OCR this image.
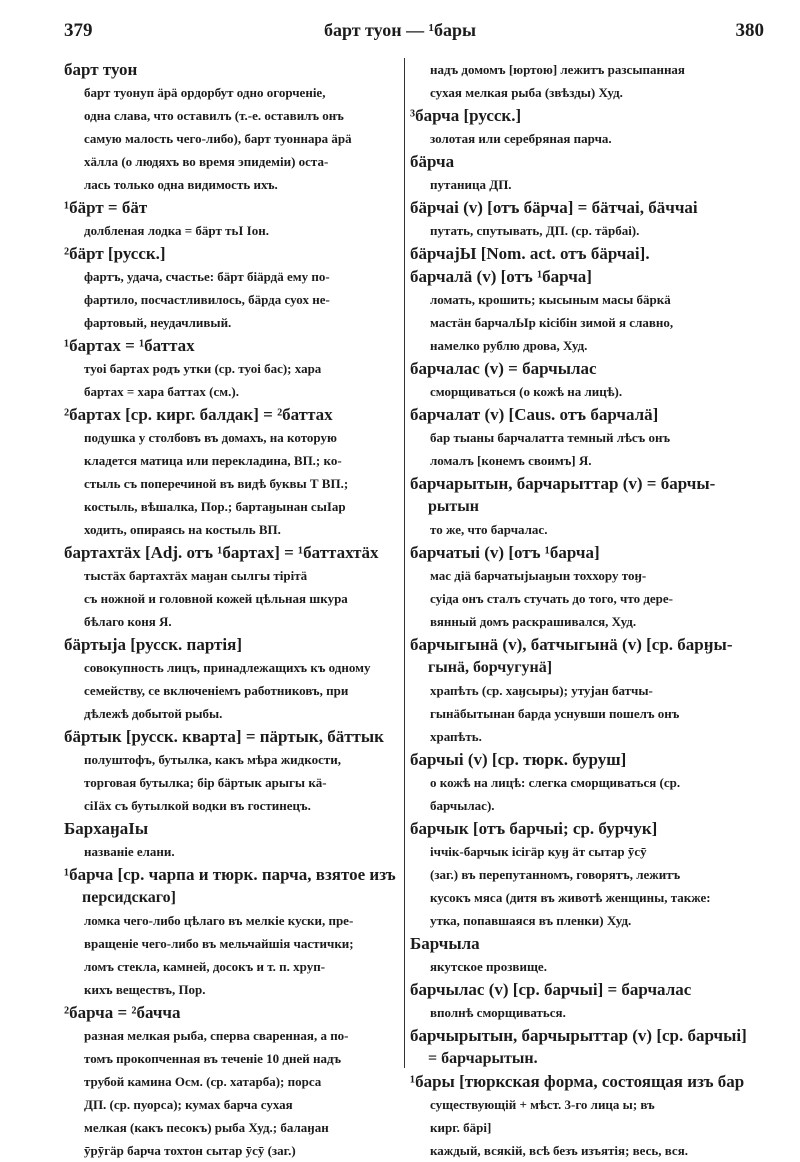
379	барт туон — ¹бары	380
барт туон
барт туонуп ӓрӓ ордорбут одно огорченіе,
одна слава, что оставилъ (т.-е. оставилъ онъ
самую малость чего-либо), барт туоннара ӓрӓ
хӓлла (о людяхъ во время эпидеміи) оста-
лась только одна видимость ихъ.
¹бӓрт = бӓт
долбленая лодка = бӓрт тьӀ Іон.
²бӓрт [русск.]
фартъ, удача, счастье: бӓрт біӓрдӓ ему по-
фартило, посчастливилось, бӓрда суох не-
фартовый, неудачливый.
¹бартах = ¹баттах
туоі бартах родъ утки (ср. туоі бас); хара
бартах = хара баттах (см.).
²бартах [ср. кирг. балдак] = ²баттах
подушка у столбовъ въ домахъ, на которую
кладется матица или перекладина, ВП.; ко-
стыль съ поперечиной въ видѣ буквы Т ВП.;
костыль, вѣшалка, Пор.; бартаӈынан сыӀар
ходить, опираясь на костыль ВП.
бартахтӓх [Adj. отъ ¹бартах] = ¹баттахтӓх
тыстӓх бартахтӓх маӈан сылгы тірітӓ
съ ножной и головной кожей цѣльная шкура
бѣлаго коня Я.
бӓртыја [русск. партія]
совокупность лицъ, принадлежащихъ къ одному
семейству, се включеніемъ работниковъ, при
дѣлежѣ добытой рыбы.
бӓртык [русск. кварта] = пӓртык, бӓттык
полуштофъ, бутылка, какъ мѣра жидкости,
торговая бутылка; бір бӓртык арыгы кӓ-
сіӀӓх съ бутылкой водки въ гостинецъ.
БархаӈаӀы
названіе елани.
¹барча [ср. чарпа и тюрк. парча, взятое изъ
персидскаго]
ломка чего-либо цѣлаго въ мелкіе куски, пре-
вращеніе чего-либо въ мельчайшія частички;
ломъ стекла, камней, досокъ и т. п. хруп-
кихъ веществъ, Пор.
²барча = ²бачча
разная мелкая рыба, сперва сваренная, а по-
томъ прокопченная въ теченіе 10 дней надъ
трубой камина Осм. (ср. хатарба); порса
ДП. (ср. пуорса); кумах барча сухая
мелкая (какъ песокъ) рыба Худ.; балаӈан
ӯрӯгӓр барча тохтон сытар ӯсӯ (заг.)
надъ домомъ [юртою] лежитъ разсыпанная
сухая мелкая рыба (звѣзды) Худ.
³барча [русск.]
золотая или серебряная парча.
бӓрча
путаница ДП.
бӓрчаі (v) [отъ бӓрча] = бӓтчаі, бӓччаі
путать, спутывать, ДП. (ср. тӓрбаі).
бӓрчајЫ [Nom. act. отъ бӓрчаі].
барчалӓ (v) [отъ ¹барча]
ломать, крошить; кысыным масы бӓркӓ
мастӓн барчалЫр кісібін зимой я славно,
намелко рублю дрова, Худ.
барчалас (v) = барчылас
сморщиваться (о кожѣ на лицѣ).
барчалат (v) [Caus. отъ барчалӓ]
бар тыаны барчалатта темный лѣсъ онъ
ломалъ [конемъ своимъ] Я.
барчарытын, барчарыттар (v) = барчы-
рытын
то же, что барчалас.
барчатыі (v) [отъ ¹барча]
мас діӓ барчатыјыаӈын тоххору тоӈ-
суіда онъ сталъ стучать до того, что дере-
вянный домъ раскрашивался, Худ.
барчыгынӓ (v), батчыгынӓ (v) [ср. барӈы-
гынӓ, борчугунӓ]
храпѣть (ср. хаӈсыры); утујан батчы-
гынӓбытынан барда уснувши пошелъ онъ
храпѣть.
барчыі (v) [ср. тюрк. буруш]
о кожѣ на лицѣ: слегка сморщиваться (ср.
барчылас).
барчык [отъ барчыі; ср. бурчук]
іччік-барчык ісігӓр куӈ ӓт сытар ӯсӯ
(заг.) въ перепутанномъ, говорятъ, лежитъ
кусокъ мяса (дитя въ животѣ женщины, также:
утка, попавшаяся въ пленки) Худ.
Барчыла
якутское прозвище.
барчылас (v) [ср. барчыі] = барчалас
вполнѣ сморщиваться.
барчырытын, барчырыттар (v) [ср. барчыі]
= барчарытын.
¹бары [тюркская форма, состоящая изъ бар
существующій + мѣст. 3-го лица ы; въ
кирг. бӓрі]
каждый, всякій, всѣ безъ изъятія; весь, вся.
